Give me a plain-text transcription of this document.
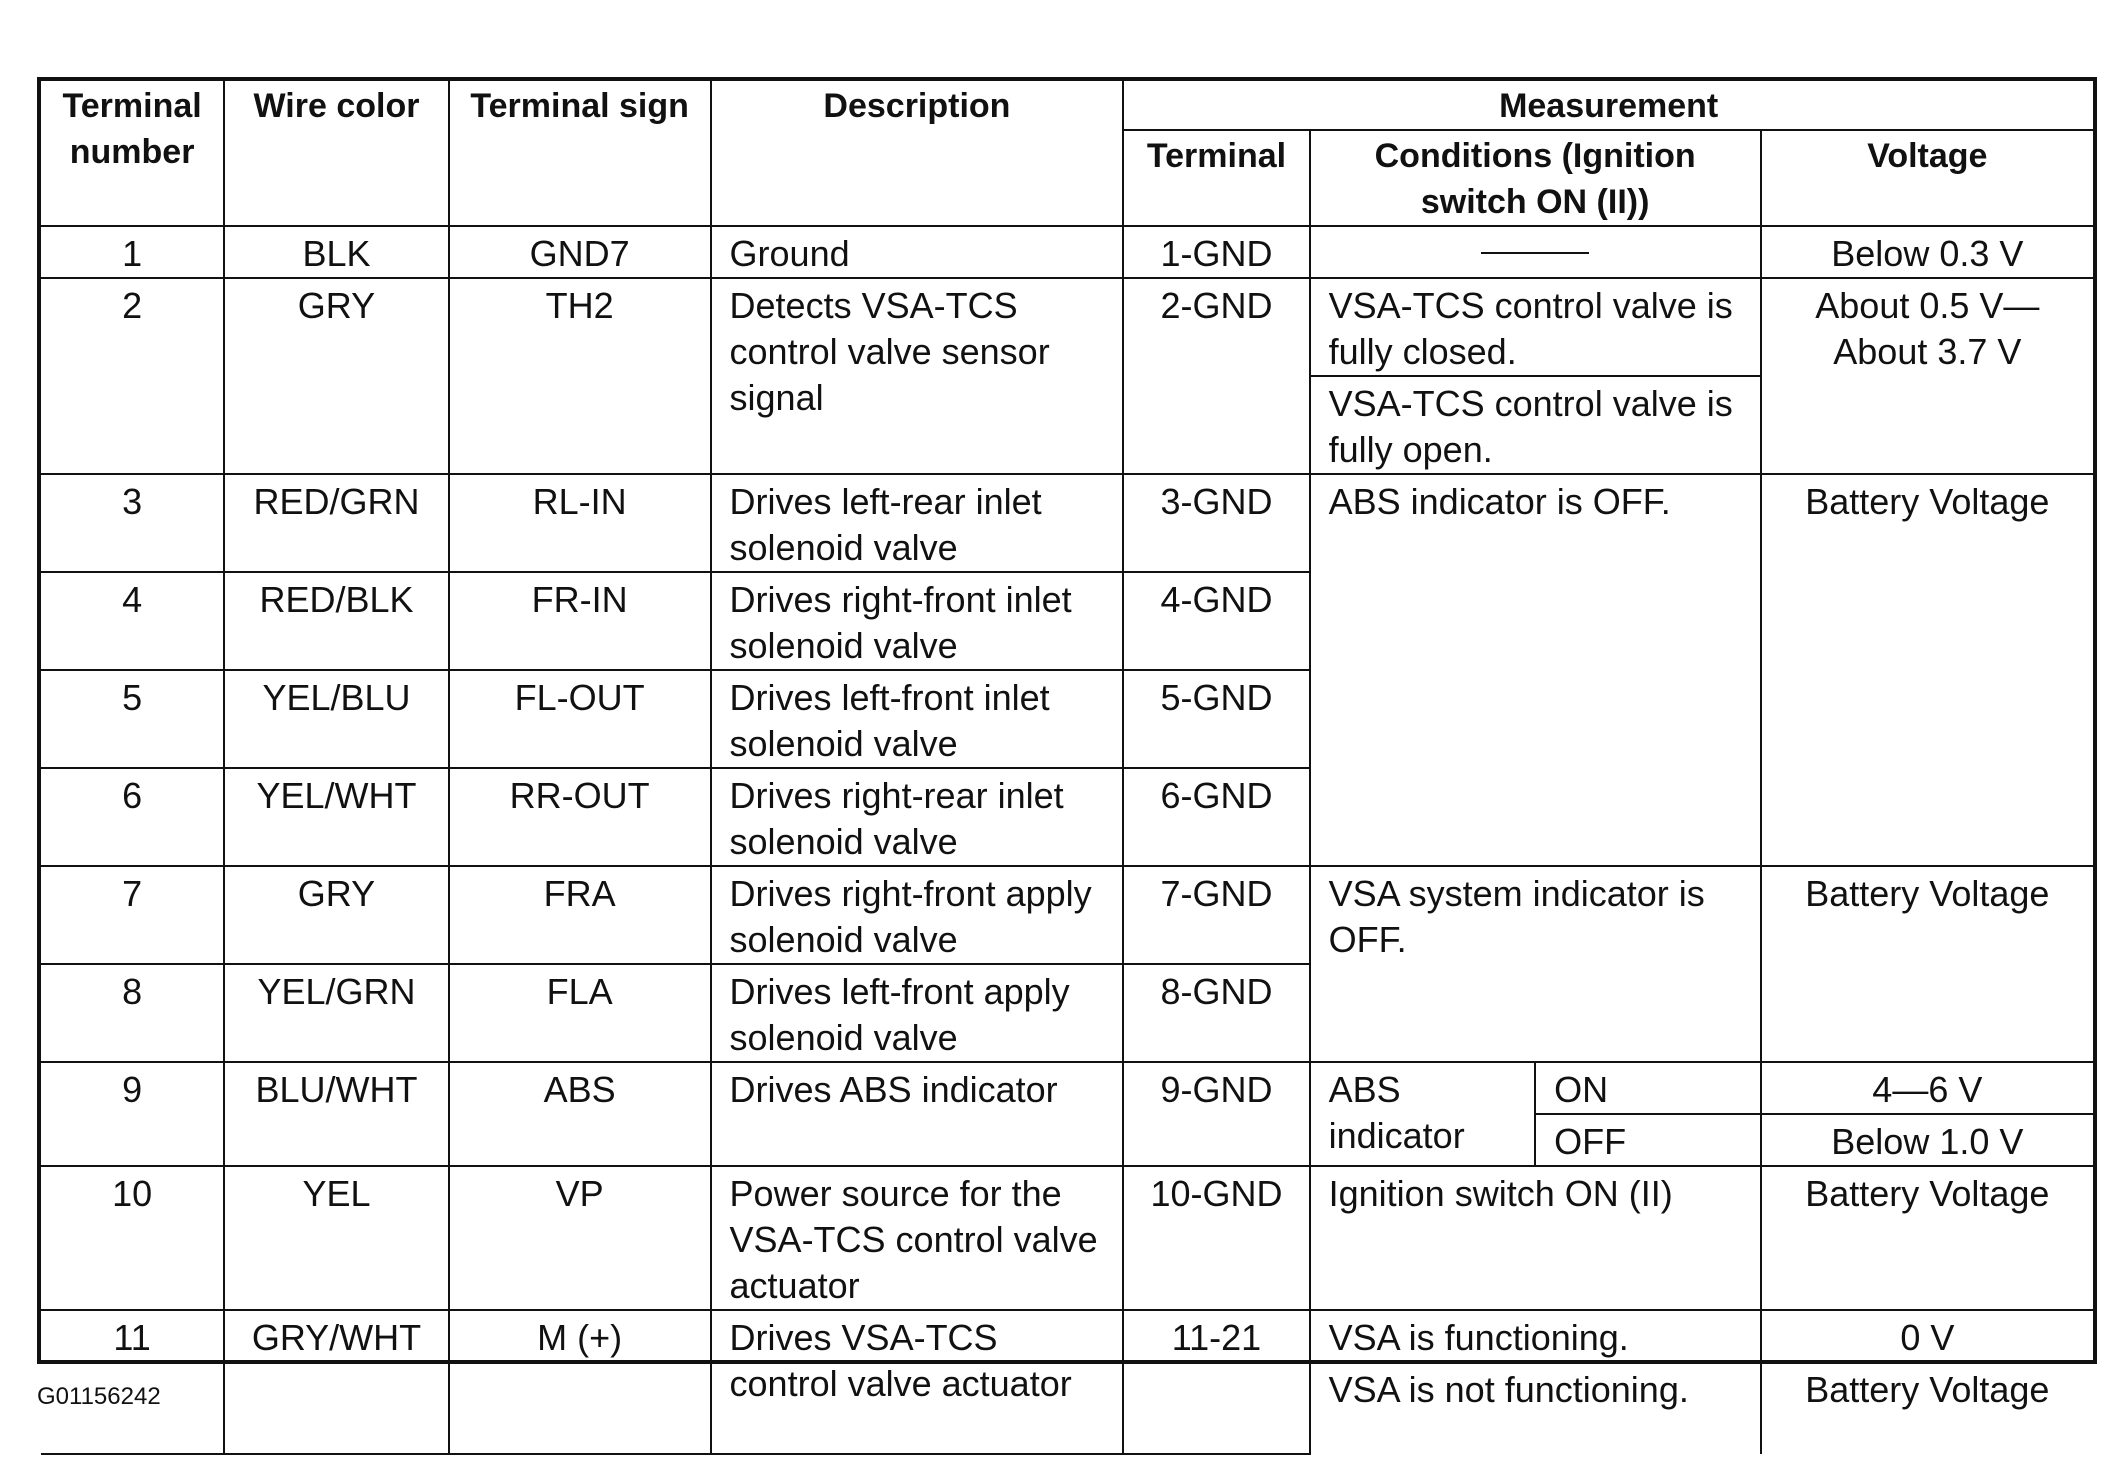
Terminal number	Wire color	Terminal sign	Description	Measurement			
				Terminal	Conditions (Ignition switch ON (II))		Voltage
1	BLK	GND7	Ground	1-GND			Below 0.3 V
2	GRY	TH2	Detects VSA-TCS control valve sensor signal	2-GND	VSA-TCS control valve is fully closed.		About 0.5 V— About 3.7 V
					VSA-TCS control valve is fully open.		
3	RED/GRN	RL-IN	Drives left-rear inlet solenoid valve	3-GND	ABS indicator is OFF.		Battery Voltage
4	RED/BLK	FR-IN	Drives right-front inlet solenoid valve	4-GND			
5	YEL/BLU	FL-OUT	Drives left-front inlet solenoid valve	5-GND			
6	YEL/WHT	RR-OUT	Drives right-rear inlet solenoid valve	6-GND			
7	GRY	FRA	Drives right-front apply solenoid valve	7-GND	VSA system indicator is OFF.		Battery Voltage
8	YEL/GRN	FLA	Drives left-front apply solenoid valve	8-GND			
9	BLU/WHT	ABS	Drives ABS indicator	9-GND	ABS indicator	ON	4—6 V
						OFF	Below 1.0 V
10	YEL	VP	Power source for the VSA-TCS control valve actuator	10-GND	Ignition switch ON (II)		Battery Voltage
11	GRY/WHT	M (+)	Drives VSA-TCS control valve actuator	11-21	VSA is functioning.		0 V
					VSA is not functioning.		Battery Voltage
G01156242
